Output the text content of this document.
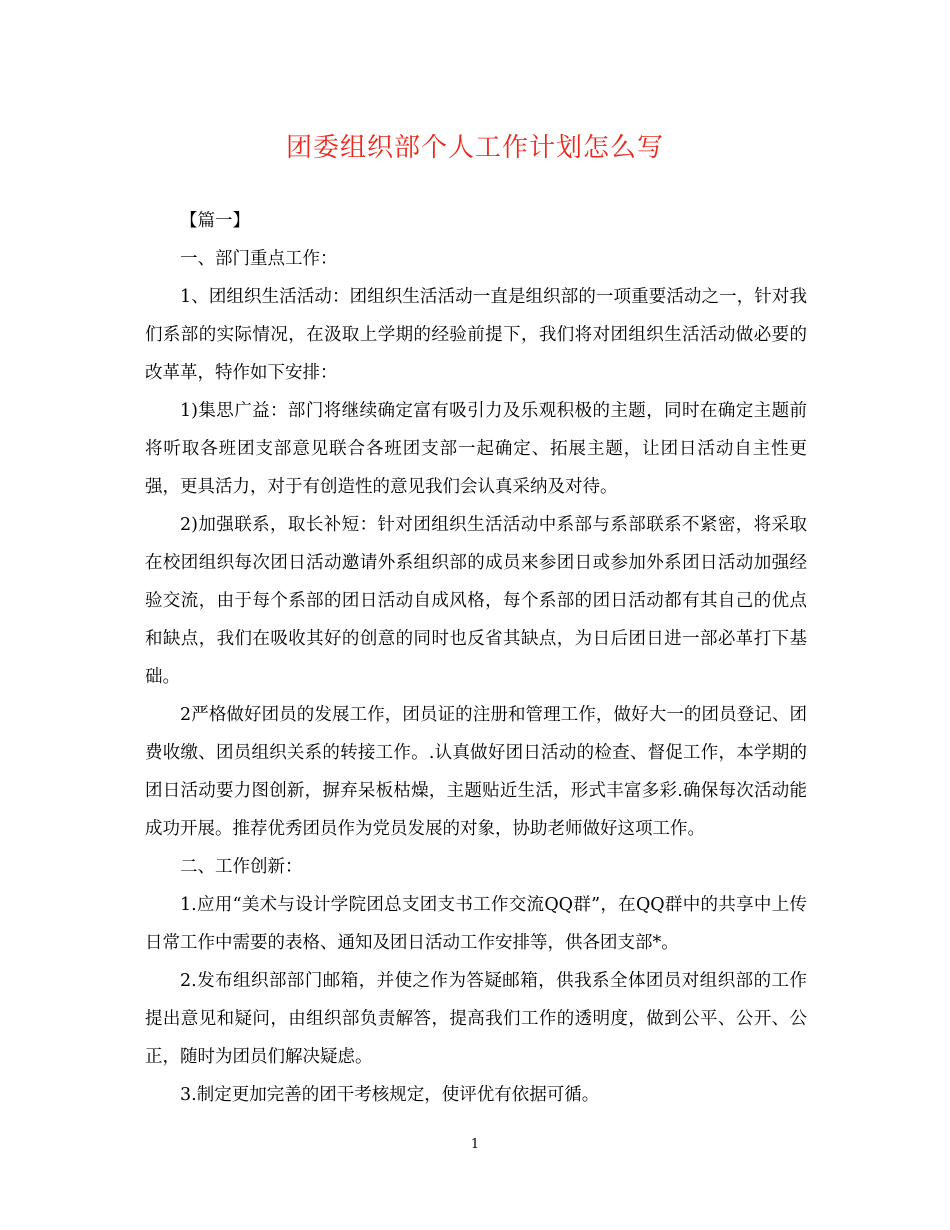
团委组织部个人工作计划怎么写

【篇一】

一、部门重点工作：

1、团组织生活活动：团组织生活活动一直是组织部的一项重要活动之一，针对我们系部的实际情况，在汲取上学期的经验前提下，我们将对团组织生活活动做必要的改革革，特作如下安排：

1)集思广益：部门将继续确定富有吸引力及乐观积极的主题，同时在确定主题前将听取各班团支部意见联合各班团支部一起确定、拓展主题，让团日活动自主性更强，更具活力，对于有创造性的意见我们会认真采纳及对待。

2)加强联系，取长补短：针对团组织生活活动中系部与系部联系不紧密，将采取在校团组织每次团日活动邀请外系组织部的成员来参团日或参加外系团日活动加强经验交流，由于每个系部的团日活动自成风格，每个系部的团日活动都有其自己的优点和缺点，我们在吸收其好的创意的同时也反省其缺点，为日后团日进一部必革打下基础。

2严格做好团员的发展工作，团员证的注册和管理工作，做好大一的团员登记、团费收缴、团员组织关系的转接工作。.认真做好团日活动的检查、督促工作，本学期的团日活动要力图创新，摒弃呆板枯燥，主题贴近生活，形式丰富多彩.确保每次活动能成功开展。推荐优秀团员作为党员发展的对象，协助老师做好这项工作。

二、工作创新：

1.应用“美术与设计学院团总支团支书工作交流QQ群”，在QQ群中的共享中上传日常工作中需要的表格、通知及团日活动工作安排等，供各团支部*。

2.发布组织部部门邮箱，并使之作为答疑邮箱，供我系全体团员对组织部的工作提出意见和疑问，由组织部负责解答，提高我们工作的透明度，做到公平、公开、公正，随时为团员们解决疑虑。

3.制定更加完善的团干考核规定，使评优有依据可循。

1
